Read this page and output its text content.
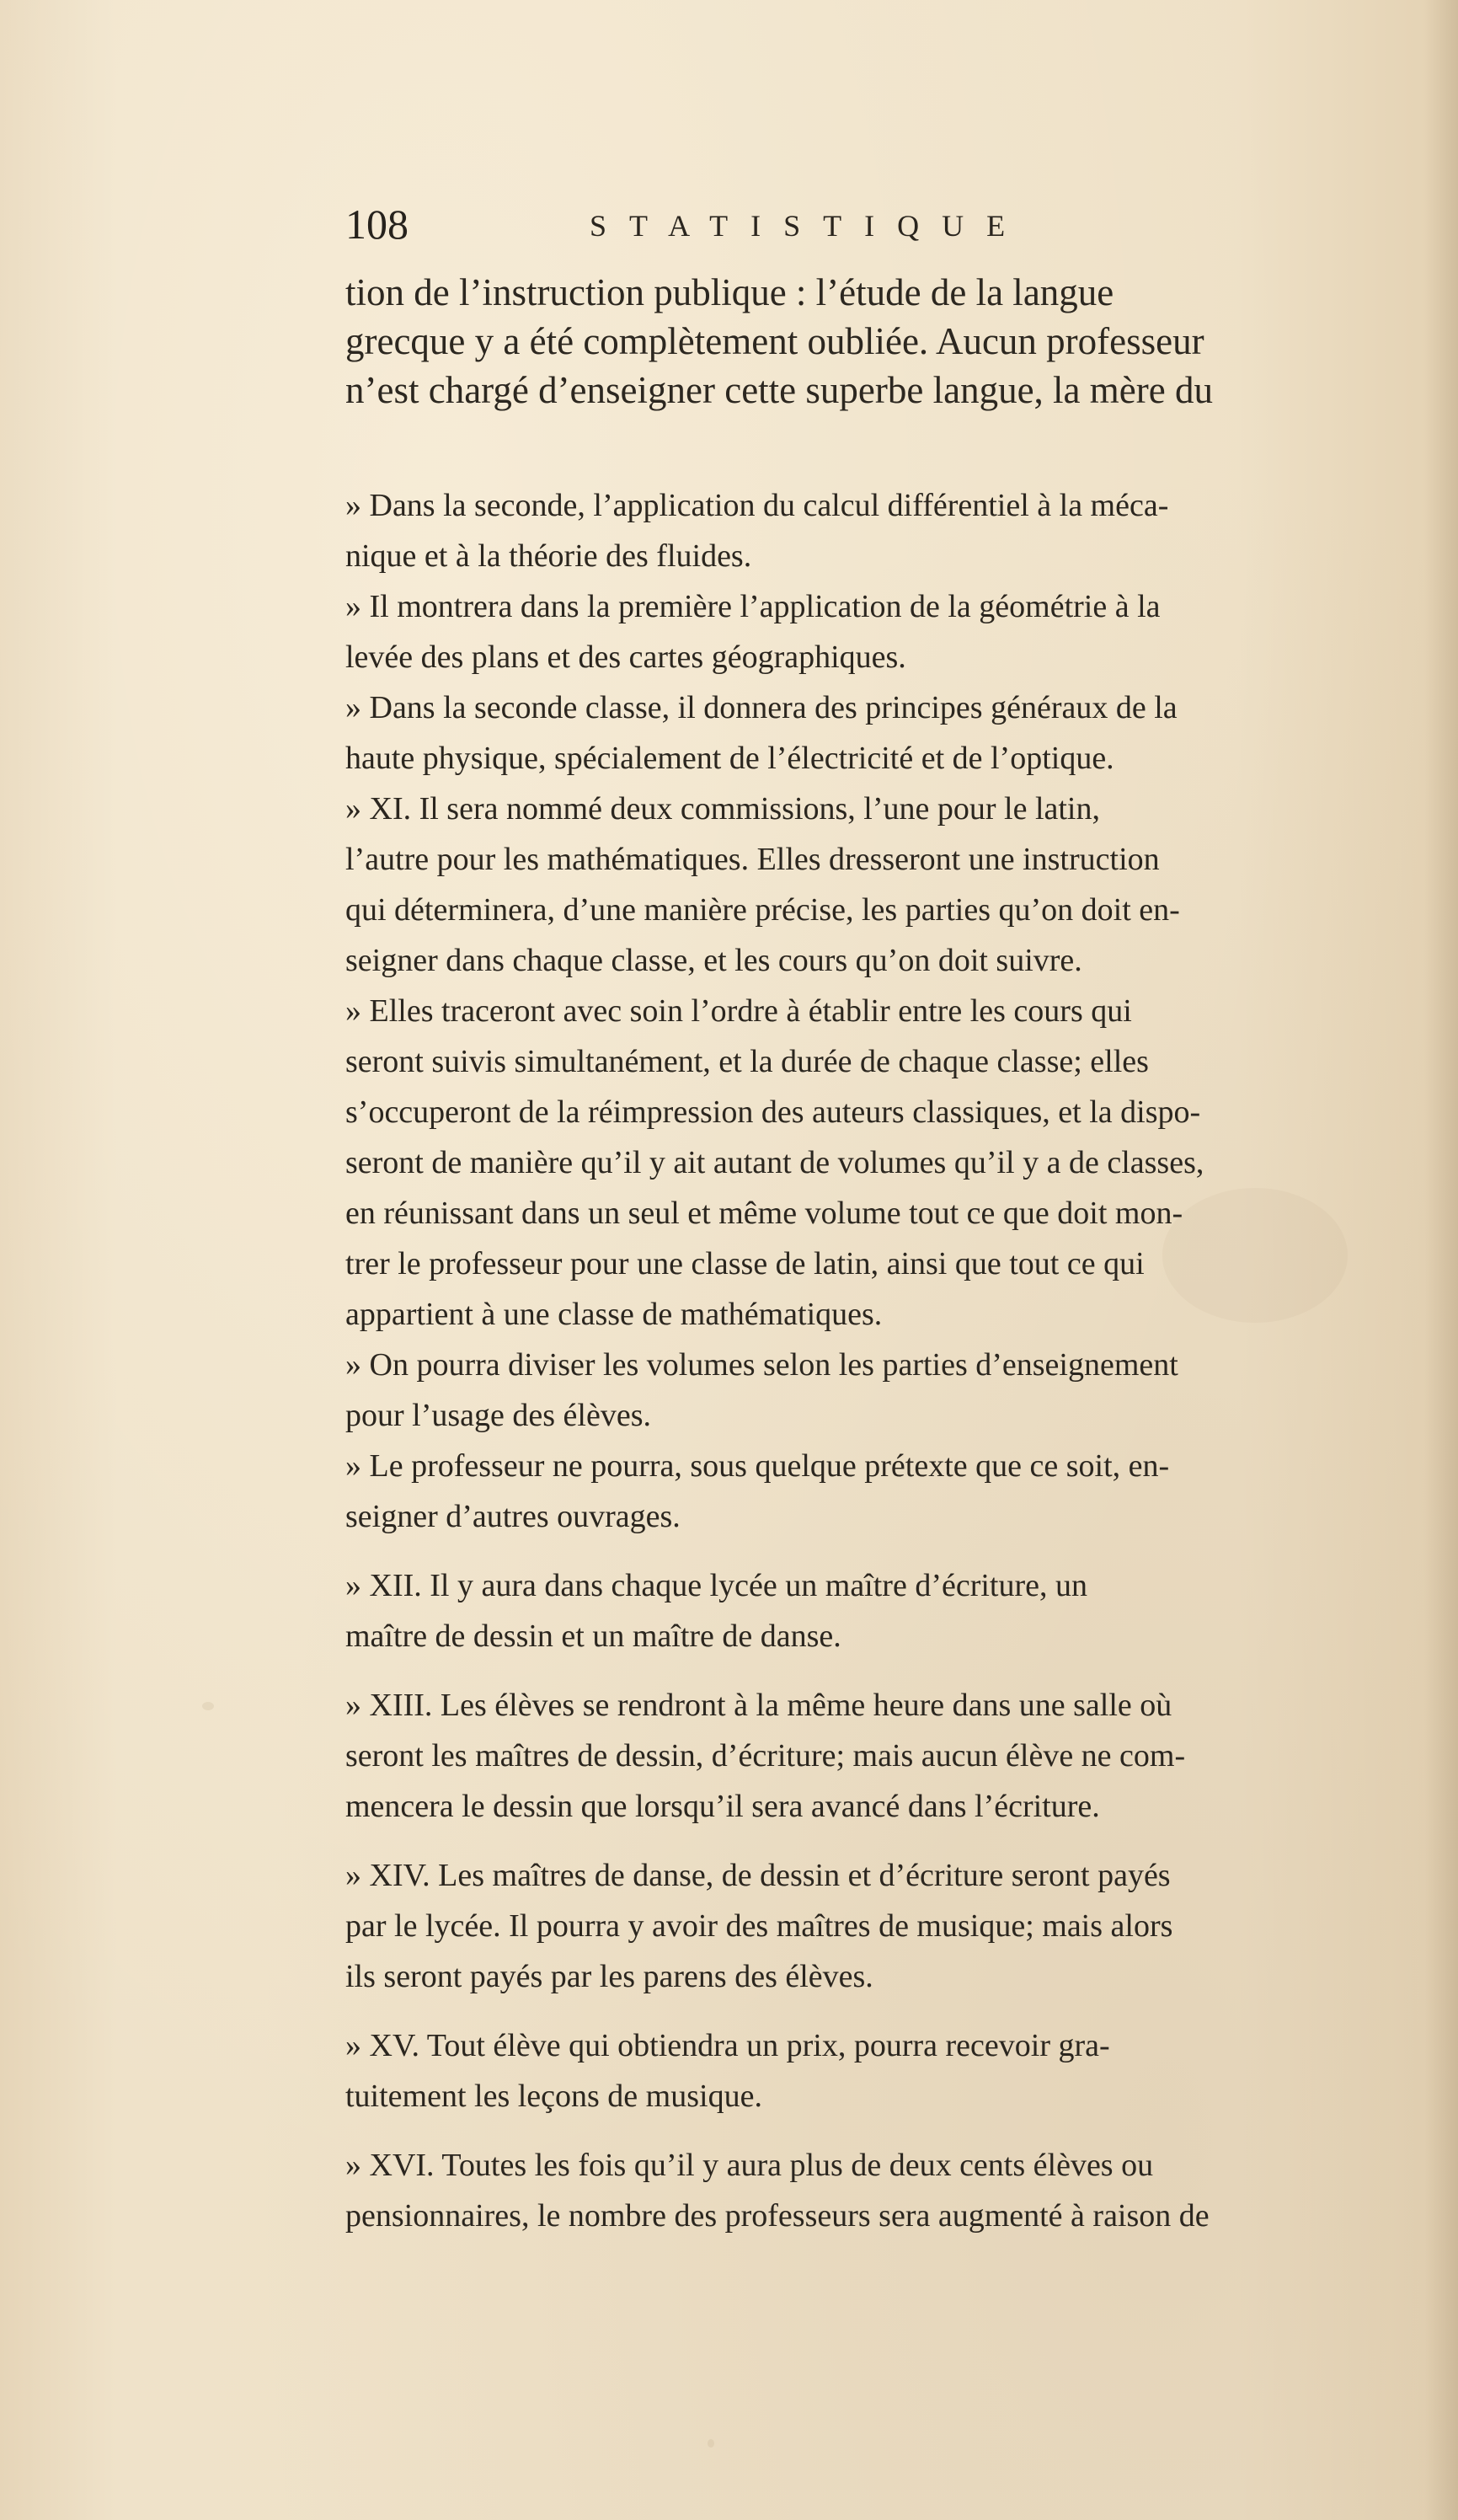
108	STATISTIQUE
tion de l’instruction publique : l’étude de la langue
grecque y a été complètement oubliée. Aucun professeur
n’est chargé d’enseigner cette superbe langue, la mère du
» Dans la seconde, l’application du calcul différentiel à la méca-
nique et à la théorie des fluides.
» Il montrera dans la première l’application de la géométrie à la
levée des plans et des cartes géographiques.
» Dans la seconde classe, il donnera des principes généraux de la
haute physique, spécialement de l’électricité et de l’optique.
» XI. Il sera nommé deux commissions, l’une pour le latin,
l’autre pour les mathématiques. Elles dresseront une instruction
qui déterminera, d’une manière précise, les parties qu’on doit en-
seigner dans chaque classe, et les cours qu’on doit suivre.
» Elles traceront avec soin l’ordre à établir entre les cours qui
seront suivis simultanément, et la durée de chaque classe; elles
s’occuperont de la réimpression des auteurs classiques, et la dispo-
seront de manière qu’il y ait autant de volumes qu’il y a de classes,
en réunissant dans un seul et même volume tout ce que doit mon-
trer le professeur pour une classe de latin, ainsi que tout ce qui
appartient à une classe de mathématiques.
» On pourra diviser les volumes selon les parties d’enseignement
pour l’usage des élèves.
» Le professeur ne pourra, sous quelque prétexte que ce soit, en-
seigner d’autres ouvrages.
» XII. Il y aura dans chaque lycée un maître d’écriture, un
maître de dessin et un maître de danse.
» XIII. Les élèves se rendront à la même heure dans une salle où
seront les maîtres de dessin, d’écriture; mais aucun élève ne com-
mencera le dessin que lorsqu’il sera avancé dans l’écriture.
» XIV. Les maîtres de danse, de dessin et d’écriture seront payés
par le lycée. Il pourra y avoir des maîtres de musique; mais alors
ils seront payés par les parens des élèves.
» XV. Tout élève qui obtiendra un prix, pourra recevoir gra-
tuitement les leçons de musique.
» XVI. Toutes les fois qu’il y aura plus de deux cents élèves ou
pensionnaires, le nombre des professeurs sera augmenté à raison de
